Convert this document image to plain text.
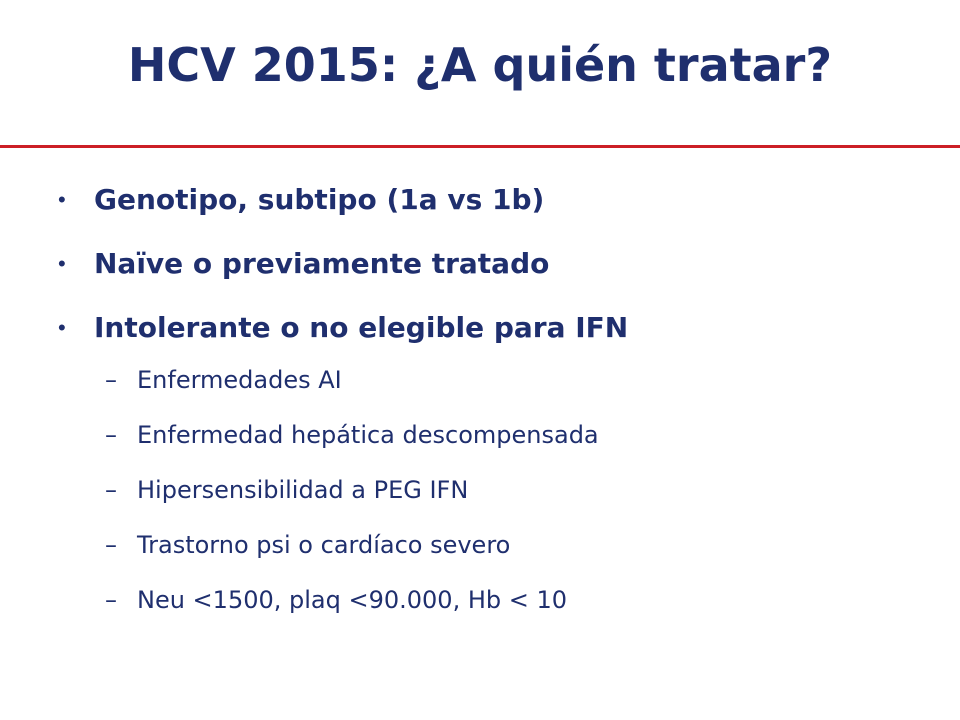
HCV 2015: ¿A quién tratar?
•	Genotipo, subtipo (1a vs 1b)
•	Naïve o previamente tratado
•	Intolerante o no elegible para IFN
– Enfermedades AI
– Enfermedad hepática descompensada
– Hipersensibilidad a PEG IFN
– Trastorno psi o cardíaco severo
– Neu <1500, plaq <90.000, Hb < 10
